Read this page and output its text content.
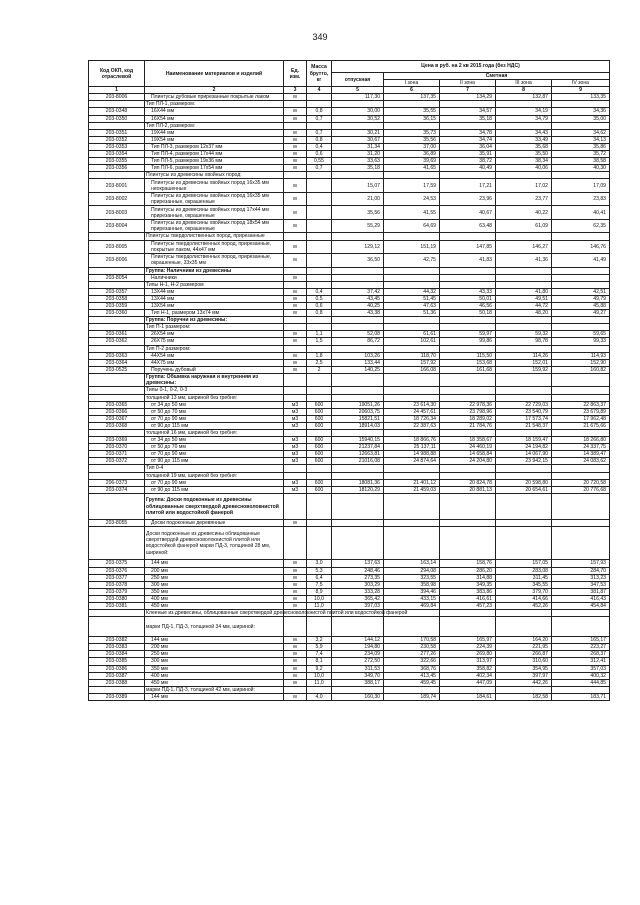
349
Код ОКП, код отраслевой	Наименование материалов и изделий	Ед. изм.	Масса брутто, кг	Цена в руб. на 2 кв 2015 года (без НДС)				
				отпускная	Сметная			
					I зона	II зона	III зона	IV зона
1	2	3	4	5	6	7	8	9
203-8006	Плинтусы дубовые прирезанные покрытые лаком	м		117,30	137,35	134,29	132,87	133,35
	Тип ПЛ-1, размером:							
203-0348	16Х44 мм	м	0,8	30,00	35,55	34,57	34,19	34,36
203-0350	16Х54 мм	м	0,7	30,52	36,15	35,18	34,79	35,00
	Тип ПЛ-2, размером:							
203-0351	19Х44 мм	м	0,7	30,21	35,73	34,78	34,43	34,62
203-0352	19Х54 мм	м	0,8	30,67	35,56	34,74	33,49	34,13
203-0353	Тип ПЛ-3, размером 12х37 мм	м	0,4	31,34	37,00	36,04	35,68	35,86
203-0354	Тип ПЛ-4, размером 17х44 мм	м	0,6	31,20	36,89	35,91	35,50	35,72
203-0355	Тип ПЛ-5, размером 19х36 мм	м	0,55	33,63	39,69	38,72	38,34	38,58
203-0356	Тип ПЛ-6, размером 17х54 мм	м	0,7	35,18	41,65	40,49	40,06	40,30
	Плинтусы из древесины хвойных пород:							
203-8001	Плинтусы из древесины хвойных пород 16х35 мм неокрашенные	м		15,07	17,59	17,21	17,02	17,09
203-8002	Плинтусы из древесины хвойных пород 16х35 мм прирезанные, окрашенные	м		21,00	24,53	23,96	23,77	23,83
203-8003	Плинтусы из древесины хвойных пород 17х44 мм прирезанные, окрашенные	м		35,56	41,55	40,67	40,22	40,41
203-8004	Плинтусы из древесины хвойных пород 18х54 мм прирезанные, окрашенные	м		55,29	64,69	63,48	61,09	62,35
	Плинтусы твердолиственных пород, прирезанные							
203-8005	Плинтусы твердолиственных пород, прирезанные, покрытые лаком, 44х47 мм	м		129,12	151,19	147,85	146,27	146,76
203-8006	Плинтусы твердолиственных пород, прирезанные, окрашенные, 33х35 мм	м		36,50	42,75	41,83	41,36	41,49
	Группа: Наличники из древесины							
203-8054	Наличники	м						
	Типы Н-1, Н-2 размером							
203-0357	13Х44 мм	м	0,4	37,42	44,32	43,33	41,80	42,51
203-0358	13Х44 мм	м	0,5	43,45	51,45	50,01	49,51	49,79
203-0359	13Х54 мм	м	0,6	40,25	47,63	46,56	44,72	45,88
203-0360	Тип Н-1, размером 13х74 мм	м	0,8	43,38	51,36	50,18	48,20	49,27
	Группа: Поручни из древесины:							
	Тип П-1 размером:							
203-0361	26Х54 мм	м	1,1	52,08	61,61	59,97	59,32	59,65
203-0362	26Х75 мм	м	1,5	86,72	102,61	99,86	98,78	99,33
	Тип П-2 размером:							
203-0363	44Х54 мм	м	1,8	103,26	118,70	115,50	114,26	114,93
203-0364	44Х75 мм	м	2,5	133,44	157,92	153,68	152,01	152,90
203-0525	Поручень дубовый	м	2	140,25	166,08	161,68	159,92	160,82
	Группа: Обшивка наружная и внутренняя из древесины:							
	Типы 0-1, 0-2, 0-3							
	толщиной 13 мм, шириной без гребня:							
203-0365	от 34 до 50 мм	м3	600	19051,26	23 614,30	22 978,36	22 729,03	22 863,37
203-0366	от 50 до 70 мм	м3	600	20603,75	24 457,61	23 798,96	23 540,79	23 679,89
203-0367	от 70 до 90 мм	м3	600	15821,51	18 726,34	18 289,02	17 573,74	17 962,48
203-0368	от 90 до 115 мм	м3	600	18914,03	22 387,63	21 784,76	21 548,37	21 675,66
	толщиной 16 мм, шириной без гребня:							
203-0369	от 34 до 50 мм	м3	600	15940,15	18 866,76	18 358,67	18 159,47	18 266,80
203-0370	от 50 до 70 мм	м3	600	21237,84	25 137,11	24 460,19	24 194,82	24 337,75
203-0371	от 70 до 90 мм	м3	600	12663,81	14 988,88	14 658,84	14 067,90	14 389,47
203-0372	от 90 до 115 мм	м3	600	21016,08	24 874,64	24 204,80	23 942,15	24 083,62
	Тип 0-4							
	толщиной 19 мм, шириной без гребня:							
206-0373	от 70 до 90 мм	м3	600	18081,36	21 401,12	20 824,78	20 598,80	20 720,58
203-0374	от 90 до 115 мм	м3	600	18120,29	21 459,03	20 881,13	20 654,61	20 776,68
	Группа: Доски подоконные из древесины облицованные сверхтвердой древесноволокнистой плитой или водостойкой фанерой							
203-8055	Доски подоконные деревянные	м						
	Доски подоконные из древесины облицованные сверхтвердой древесноволокнистой плитой или водостойкой фанерой марки ПД-3, толщиной 28 мм, шириной:							
203-0375	144 мм	м	3,0	137,63	163,14	158,76	157,05	157,93
203-0376	200 мм	м	5,3	248,46	294,08	286,20	283,08	284,70
203-0377	250 мм	м	6,4	273,35	323,55	314,88	311,45	313,23
203-0378	300 мм	м	7,5	303,29	358,98	349,35	345,55	347,53
203-0379	350 мм	м	8,9	333,28	394,46	383,86	379,70	381,87
203-0380	400 мм	м	10,0	365,42	433,15	416,61	414,66	416,43
203-0381	450 мм	м	11,0	397,03	469,84	457,23	452,26	454,84
	Клееные из древесины, облицованные сверхтвердой древесноволокнистой плитой или водостойкой фанерой							
	марки ПД-1, ПД-3, толщиной 34 мм, шириной:							
203-0382	144 мм	м	3,2	144,12	170,58	165,97	164,20	165,17
203-0383	200 мм	м	5,9	194,80	230,58	224,39	221,95	223,27
203-0384	250 мм	м	7,4	234,09	277,26	269,80	266,87	268,37
203-0385	300 мм	м	8,1	272,50	322,66	313,97	310,60	312,41
203-0386	350 мм	м	9,2	311,53	368,76	358,82	354,95	357,03
203-0387	400 мм	м	10,0	349,70	413,45	402,34	397,97	400,32
203-0388	450 мм	м	11,0	388,17	459,45	447,09	442,26	444,85
	марки ПД-1, ПД-3, толщиной 42 мм, шириной:							
203-0389	144 мм	м	4,0	160,30	189,74	184,61	182,58	183,71
